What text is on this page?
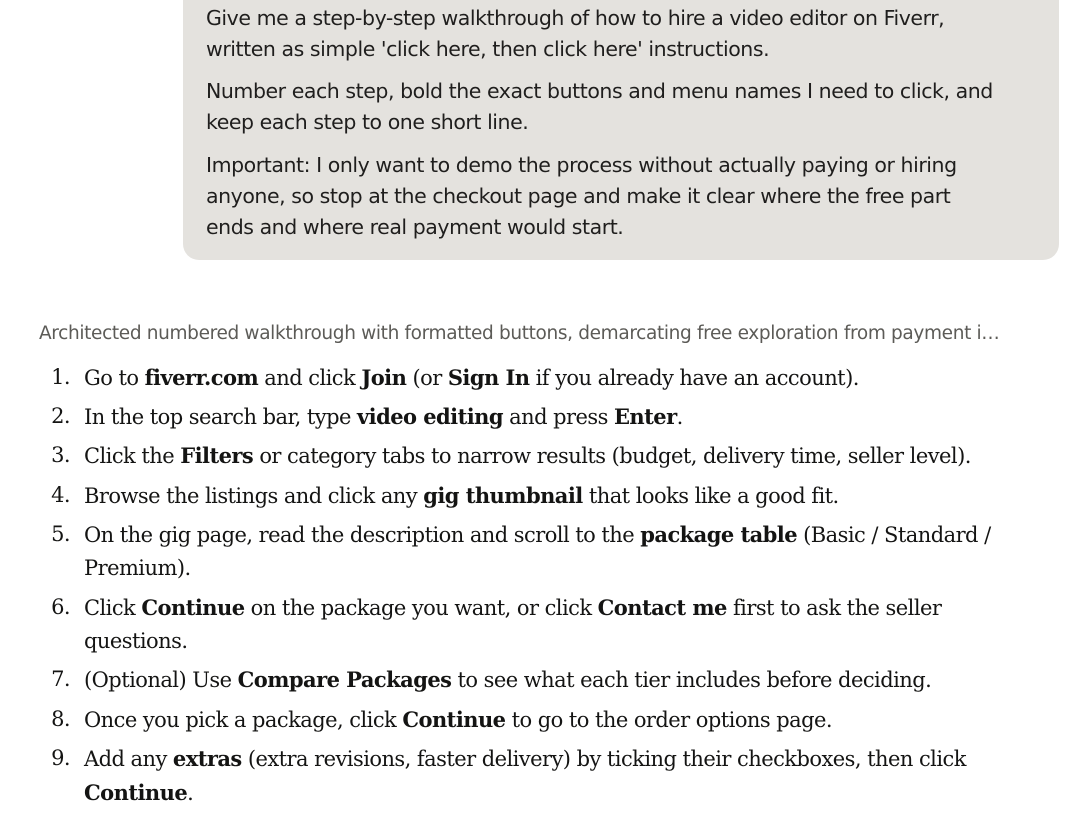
Give me a step-by-step walkthrough of how to hire a video editor on Fiverr,
written as simple 'click here, then click here' instructions.

Number each step, bold the exact buttons and menu names I need to click, and
keep each step to one short line.

Important: I only want to demo the process without actually paying or hiring
anyone, so stop at the checkout page and make it clear where the free part
ends and where real payment would start.

Architected numbered walkthrough with formatted buttons, demarcating free exploration from payment i…
1. Go to fiverr.com and click Join (or Sign In if you already have an account).
2. In the top search bar, type video editing and press Enter.
3. Click the Filters or category tabs to narrow results (budget, delivery time, seller level).
4. Browse the listings and click any gig thumbnail that looks like a good fit.
5. On the gig page, read the description and scroll to the package table (Basic / Standard /
Premium).
6. Click Continue on the package you want, or click Contact me first to ask the seller
questions.
7. (Optional) Use Compare Packages to see what each tier includes before deciding.
8. Once you pick a package, click Continue to go to the order options page.
9. Add any extras (extra revisions, faster delivery) by ticking their checkboxes, then click
Continue.
